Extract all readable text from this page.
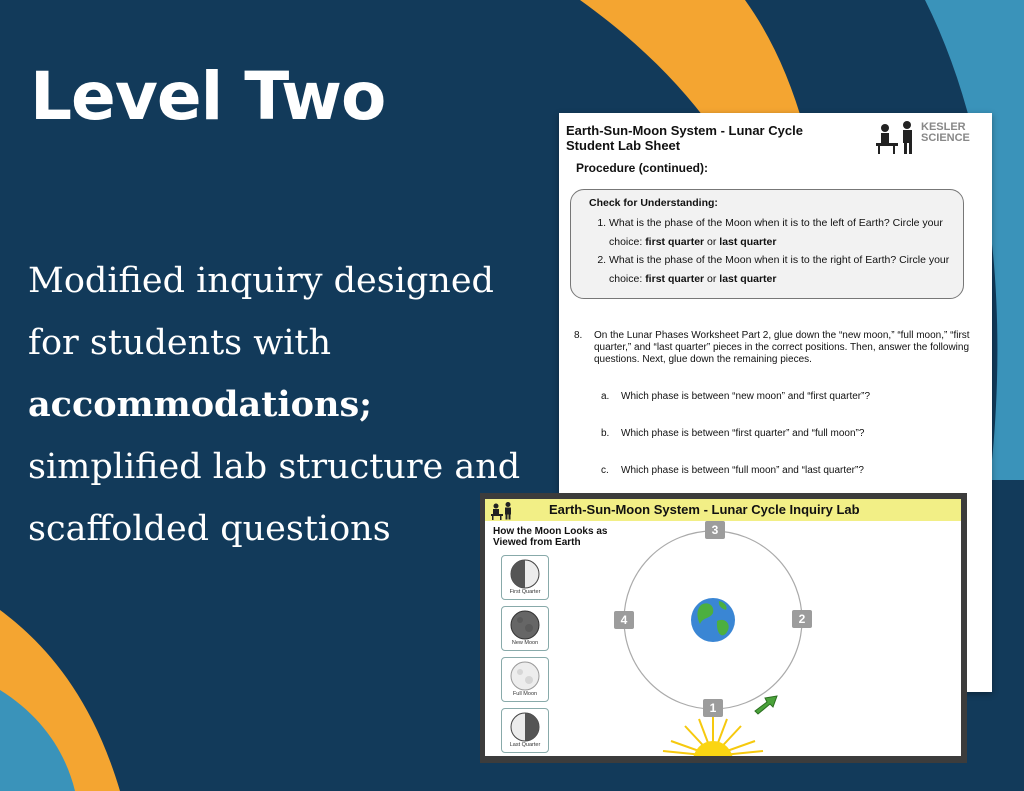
Level Two

Modified inquiry designed for students with accommodations; simplified lab structure and scaffolded questions

Earth-Sun-Moon System - Lunar Cycle
Student Lab Sheet
KESLER
SCIENCE
Procedure (continued):
Check for Understanding:
1. What is the phase of the Moon when it is to the left of Earth? Circle your choice: first quarter or last quarter
2. What is the phase of the Moon when it is to the right of Earth? Circle your choice: first quarter or last quarter
8. On the Lunar Phases Worksheet Part 2, glue down the “new moon,” “full moon,” “first quarter,” and “last quarter” pieces in the correct positions. Then, answer the following questions. Next, glue down the remaining pieces.
a. Which phase is between “new moon” and “first quarter”?
b. Which phase is between “first quarter” and “full moon”?
c. Which phase is between “full moon” and “last quarter”?
Earth-Sun-Moon System - Lunar Cycle Inquiry Lab
How the Moon Looks as
Viewed from Earth
First Quarter
New Moon
Full Moon
Last Quarter
1
2
3
4
